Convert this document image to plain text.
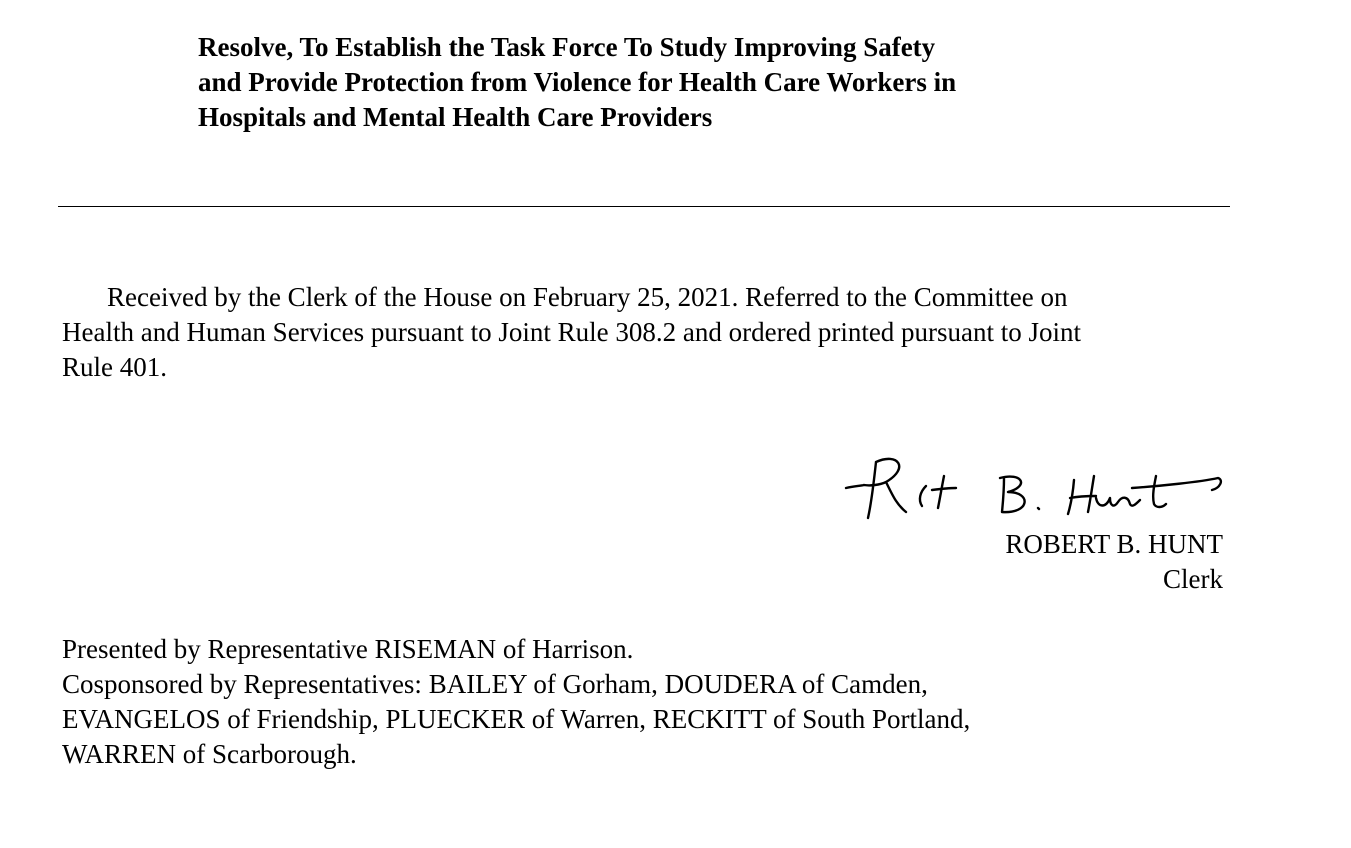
Resolve, To Establish the Task Force To Study Improving Safety
and Provide Protection from Violence for Health Care Workers in
Hospitals and Mental Health Care Providers
Received by the Clerk of the House on February 25, 2021. Referred to the Committee on
Health and Human Services pursuant to Joint Rule 308.2 and ordered printed pursuant to Joint
Rule 401.
ROBERT B. HUNT
Clerk
Presented by Representative RISEMAN of Harrison.
Cosponsored by Representatives: BAILEY of Gorham, DOUDERA of Camden,
EVANGELOS of Friendship, PLUECKER of Warren, RECKITT of South Portland,
WARREN of Scarborough.
